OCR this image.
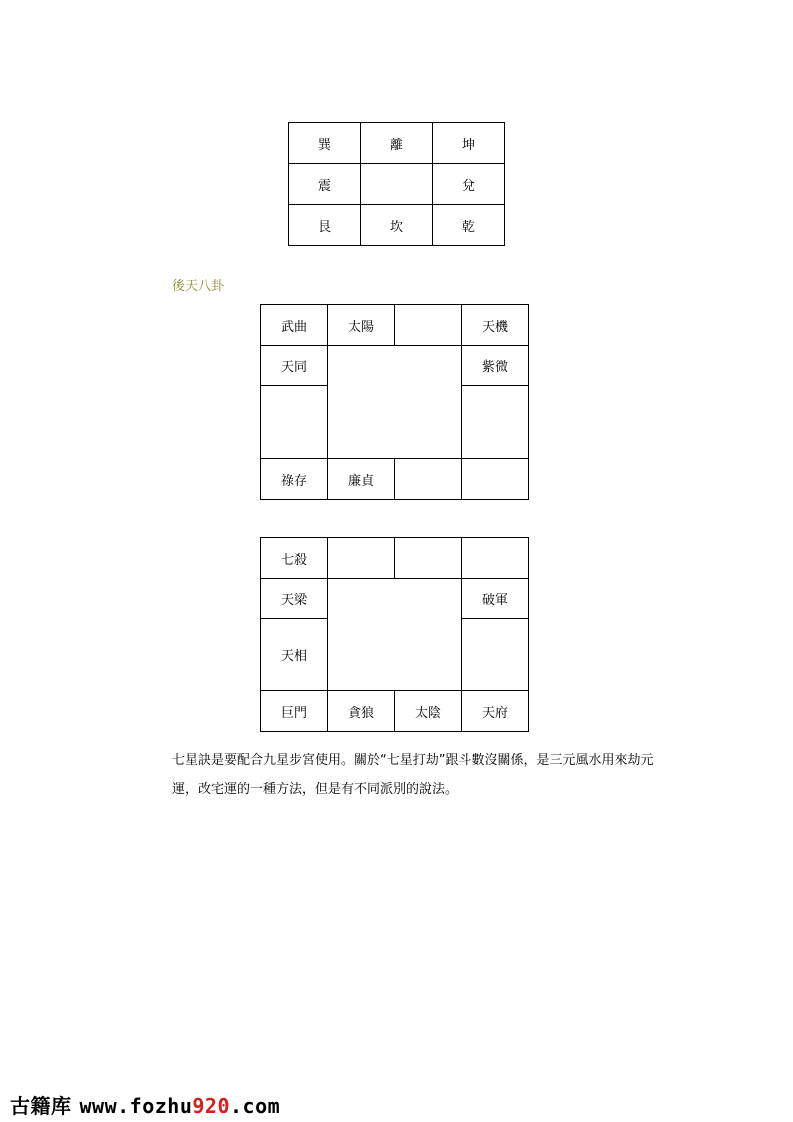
巽	離	坤
震		兌
艮	坎	乾
後天八卦
武曲	太陽		天機
天同			紫微

祿存	廉貞		
七殺			
天梁			破軍
天相			
巨門	貪狼	太陰	天府

七星訣是要配合九星步宮使用。關於“七星打劫”跟斗數沒關係，是三元風水用來劫元運，改宅運的一種方法，但是有不同派別的說法。

古籍库 www.fozhu920.com
